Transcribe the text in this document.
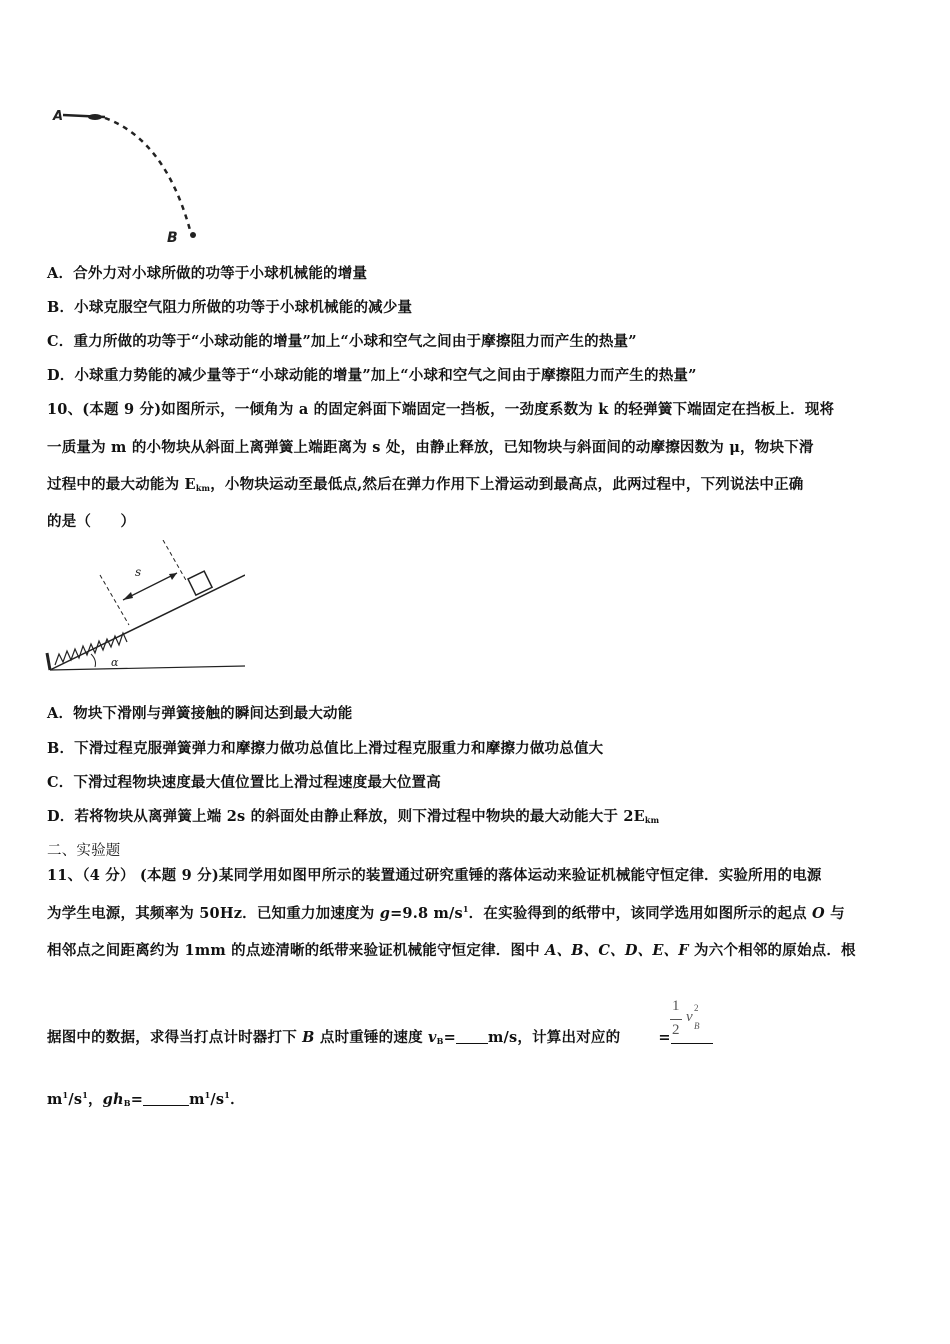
A
B
A．合外力对小球所做的功等于小球机械能的增量
B．小球克服空气阻力所做的功等于小球机械能的减少量
C．重力所做的功等于“小球动能的增量”加上“小球和空气之间由于摩擦阻力而产生的热量”
D．小球重力势能的减少量等于“小球动能的增量”加上“小球和空气之间由于摩擦阻力而产生的热量”
10、(本题 9 分)如图所示，一倾角为 a 的固定斜面下端固定一挡板，一劲度系数为 k 的轻弹簧下端固定在挡板上．现将
一质量为 m 的小物块从斜面上离弹簧上端距离为 s 处，由静止释放，已知物块与斜面间的动摩擦因数为 μ，物块下滑
过程中的最大动能为 $E_{km}$，小物块运动至最低点,然后在弹力作用下上滑运动到最高点，此两过程中，下列说法中正确
的是（　　）
s
α
A．物块下滑刚与弹簧接触的瞬间达到最大动能
B．下滑过程克服弹簧弹力和摩擦力做功总值比上滑过程克服重力和摩擦力做功总值大
C．下滑过程物块速度最大值位置比上滑过程速度最大位置高
D．若将物块从离弹簧上端 2s 的斜面处由静止释放，则下滑过程中物块的最大动能大于 $2E_{km}$
二、实验题
11、（4 分） (本题 9 分)某同学用如图甲所示的装置通过研究重锤的落体运动来验证机械能守恒定律．实验所用的电源
为学生电源，其频率为 50Hz．已知重力加速度为 g=9.8 $m/s^1$．在实验得到的纸带中，该同学选用如图所示的起点 O 与
相邻点之间距离约为 1mm 的点迹清晰的纸带来验证机械能守恒定律．图中 A、B、C、D、E、F 为六个相邻的原始点．根
据图中的数据，求得当打点计时器打下 B 点时重锤的速度 $v_B= m/s$，计算出对应的	=
1
2
v
2
B
$m^1/s^1$，$gh_B=$	$m^1/s^1$．
